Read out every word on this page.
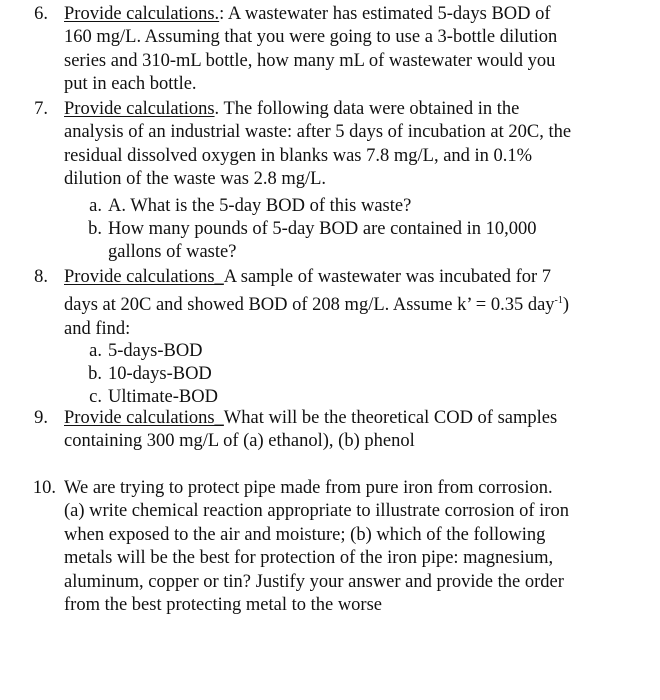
6. Provide calculations.: A wastewater has estimated 5-days BOD of
160 mg/L. Assuming that you were going to use a 3-bottle dilution
series and 310-mL bottle, how many mL of wastewater would you
put in each bottle.
7. Provide calculations. The following data were obtained in the
analysis of an industrial waste: after 5 days of incubation at 20C, the
residual dissolved oxygen in blanks was 7.8 mg/L, and in 0.1%
dilution of the waste was 2.8 mg/L.
a. A. What is the 5-day BOD of this waste?
b. How many pounds of 5-day BOD are contained in 10,000
gallons of waste?
8. Provide calculations_A sample of wastewater was incubated for 7
days at 20C and showed BOD of 208 mg/L. Assume k’ = 0.35 day$^{-1}$)
and find:
a. 5-days-BOD
b. 10-days-BOD
c. Ultimate-BOD
9. Provide calculations_What will be the theoretical COD of samples
containing 300 mg/L of (a) ethanol), (b) phenol
10. We are trying to protect pipe made from pure iron from corrosion.
(a) write chemical reaction appropriate to illustrate corrosion of iron
when exposed to the air and moisture; (b) which of the following
metals will be the best for protection of the iron pipe: magnesium,
aluminum, copper or tin? Justify your answer and provide the order
from the best protecting metal to the worse
